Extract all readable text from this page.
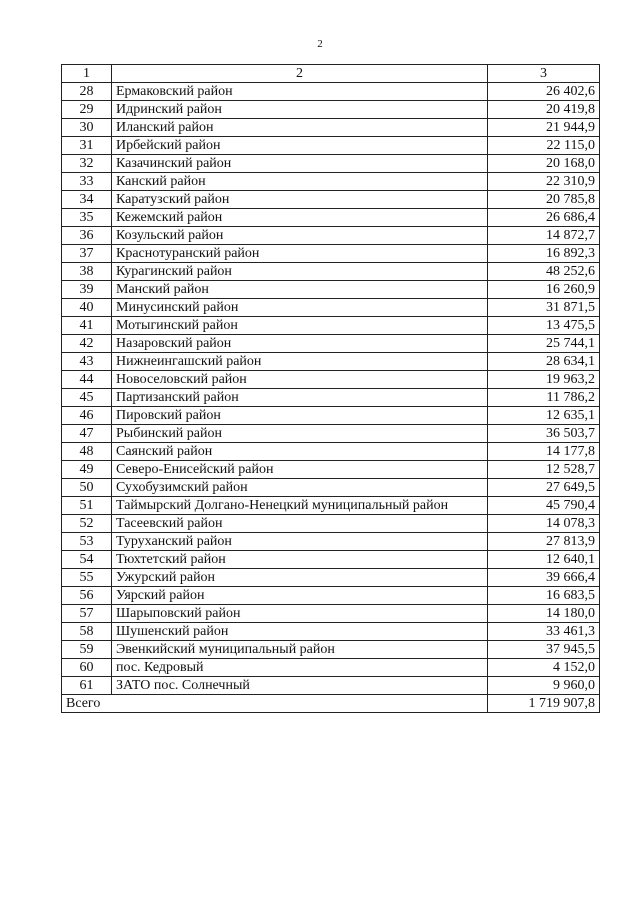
2
1	2	3
28	Ермаковский район	26 402,6
29	Идринский район	20 419,8
30	Иланский район	21 944,9
31	Ирбейский район	22 115,0
32	Казачинский район	20 168,0
33	Канский район	22 310,9
34	Каратузский район	20 785,8
35	Кежемский район	26 686,4
36	Козульский район	14 872,7
37	Краснотуранский район	16 892,3
38	Курагинский район	48 252,6
39	Манский район	16 260,9
40	Минусинский район	31 871,5
41	Мотыгинский район	13 475,5
42	Назаровский район	25 744,1
43	Нижнеингашский район	28 634,1
44	Новоселовский район	19 963,2
45	Партизанский район	11 786,2
46	Пировский район	12 635,1
47	Рыбинский район	36 503,7
48	Саянский район	14 177,8
49	Северо-Енисейский район	12 528,7
50	Сухобузимский район	27 649,5
51	Таймырский Долгано-Ненецкий муниципальный район	45 790,4
52	Тасеевский район	14 078,3
53	Туруханский район	27 813,9
54	Тюхтетский район	12 640,1
55	Ужурский район	39 666,4
56	Уярский район	16 683,5
57	Шарыповский район	14 180,0
58	Шушенский район	33 461,3
59	Эвенкийский муниципальный район	37 945,5
60	пос. Кедровый	4 152,0
61	ЗАТО пос. Солнечный	9 960,0
Всего		1 719 907,8
